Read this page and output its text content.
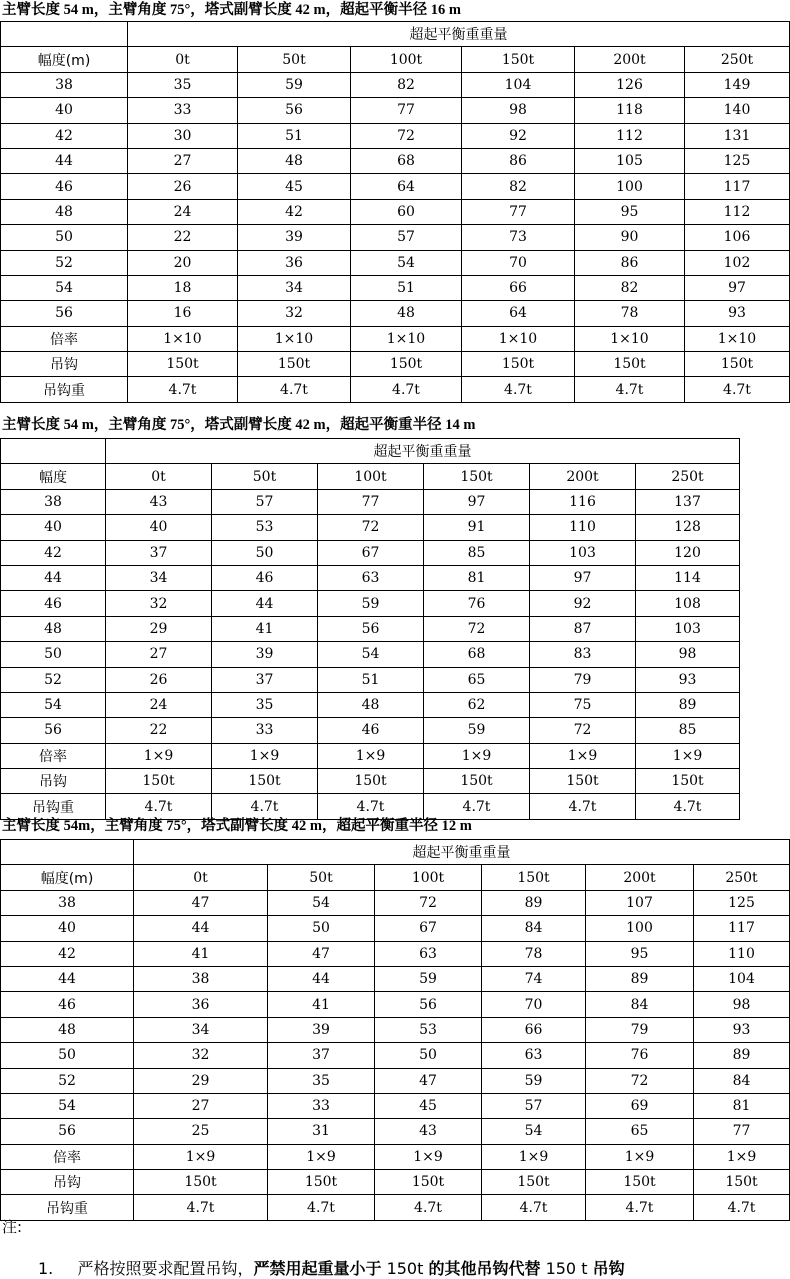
主臂长度 54 m，主臂角度 75°，塔式副臂长度 42 m，超起平衡半径 16 m
	超起平衡重重量					
幅度(m)	0t	50t	100t	150t	200t	250t
38	35	59	82	104	126	149
40	33	56	77	98	118	140
42	30	51	72	92	112	131
44	27	48	68	86	105	125
46	26	45	64	82	100	117
48	24	42	60	77	95	112
50	22	39	57	73	90	106
52	20	36	54	70	86	102
54	18	34	51	66	82	97
56	16	32	48	64	78	93
倍率	1×10	1×10	1×10	1×10	1×10	1×10
吊钩	150t	150t	150t	150t	150t	150t
吊钩重	4.7t	4.7t	4.7t	4.7t	4.7t	4.7t
主臂长度 54 m，主臂角度 75°，塔式副臂长度 42 m，超起平衡重半径 14 m
	超起平衡重重量					
幅度	0t	50t	100t	150t	200t	250t
38	43	57	77	97	116	137
40	40	53	72	91	110	128
42	37	50	67	85	103	120
44	34	46	63	81	97	114
46	32	44	59	76	92	108
48	29	41	56	72	87	103
50	27	39	54	68	83	98
52	26	37	51	65	79	93
54	24	35	48	62	75	89
56	22	33	46	59	72	85
倍率	1×9	1×9	1×9	1×9	1×9	1×9
吊钩	150t	150t	150t	150t	150t	150t
吊钩重	4.7t	4.7t	4.7t	4.7t	4.7t	4.7t
主臂长度 54m，主臂角度 75°，塔式副臂长度 42 m，超起平衡重半径 12 m
	超起平衡重重量					
幅度(m)	0t	50t	100t	150t	200t	250t
38	47	54	72	89	107	125
40	44	50	67	84	100	117
42	41	47	63	78	95	110
44	38	44	59	74	89	104
46	36	41	56	70	84	98
48	34	39	53	66	79	93
50	32	37	50	63	76	89
52	29	35	47	59	72	84
54	27	33	45	57	69	81
56	25	31	43	54	65	77
倍率	1×9	1×9	1×9	1×9	1×9	1×9
吊钩	150t	150t	150t	150t	150t	150t
吊钩重	4.7t	4.7t	4.7t	4.7t	4.7t	4.7t
注:
1. 严格按照要求配置吊钩，严禁用起重量小于 150t 的其他吊钩代替 150 t 吊钩
